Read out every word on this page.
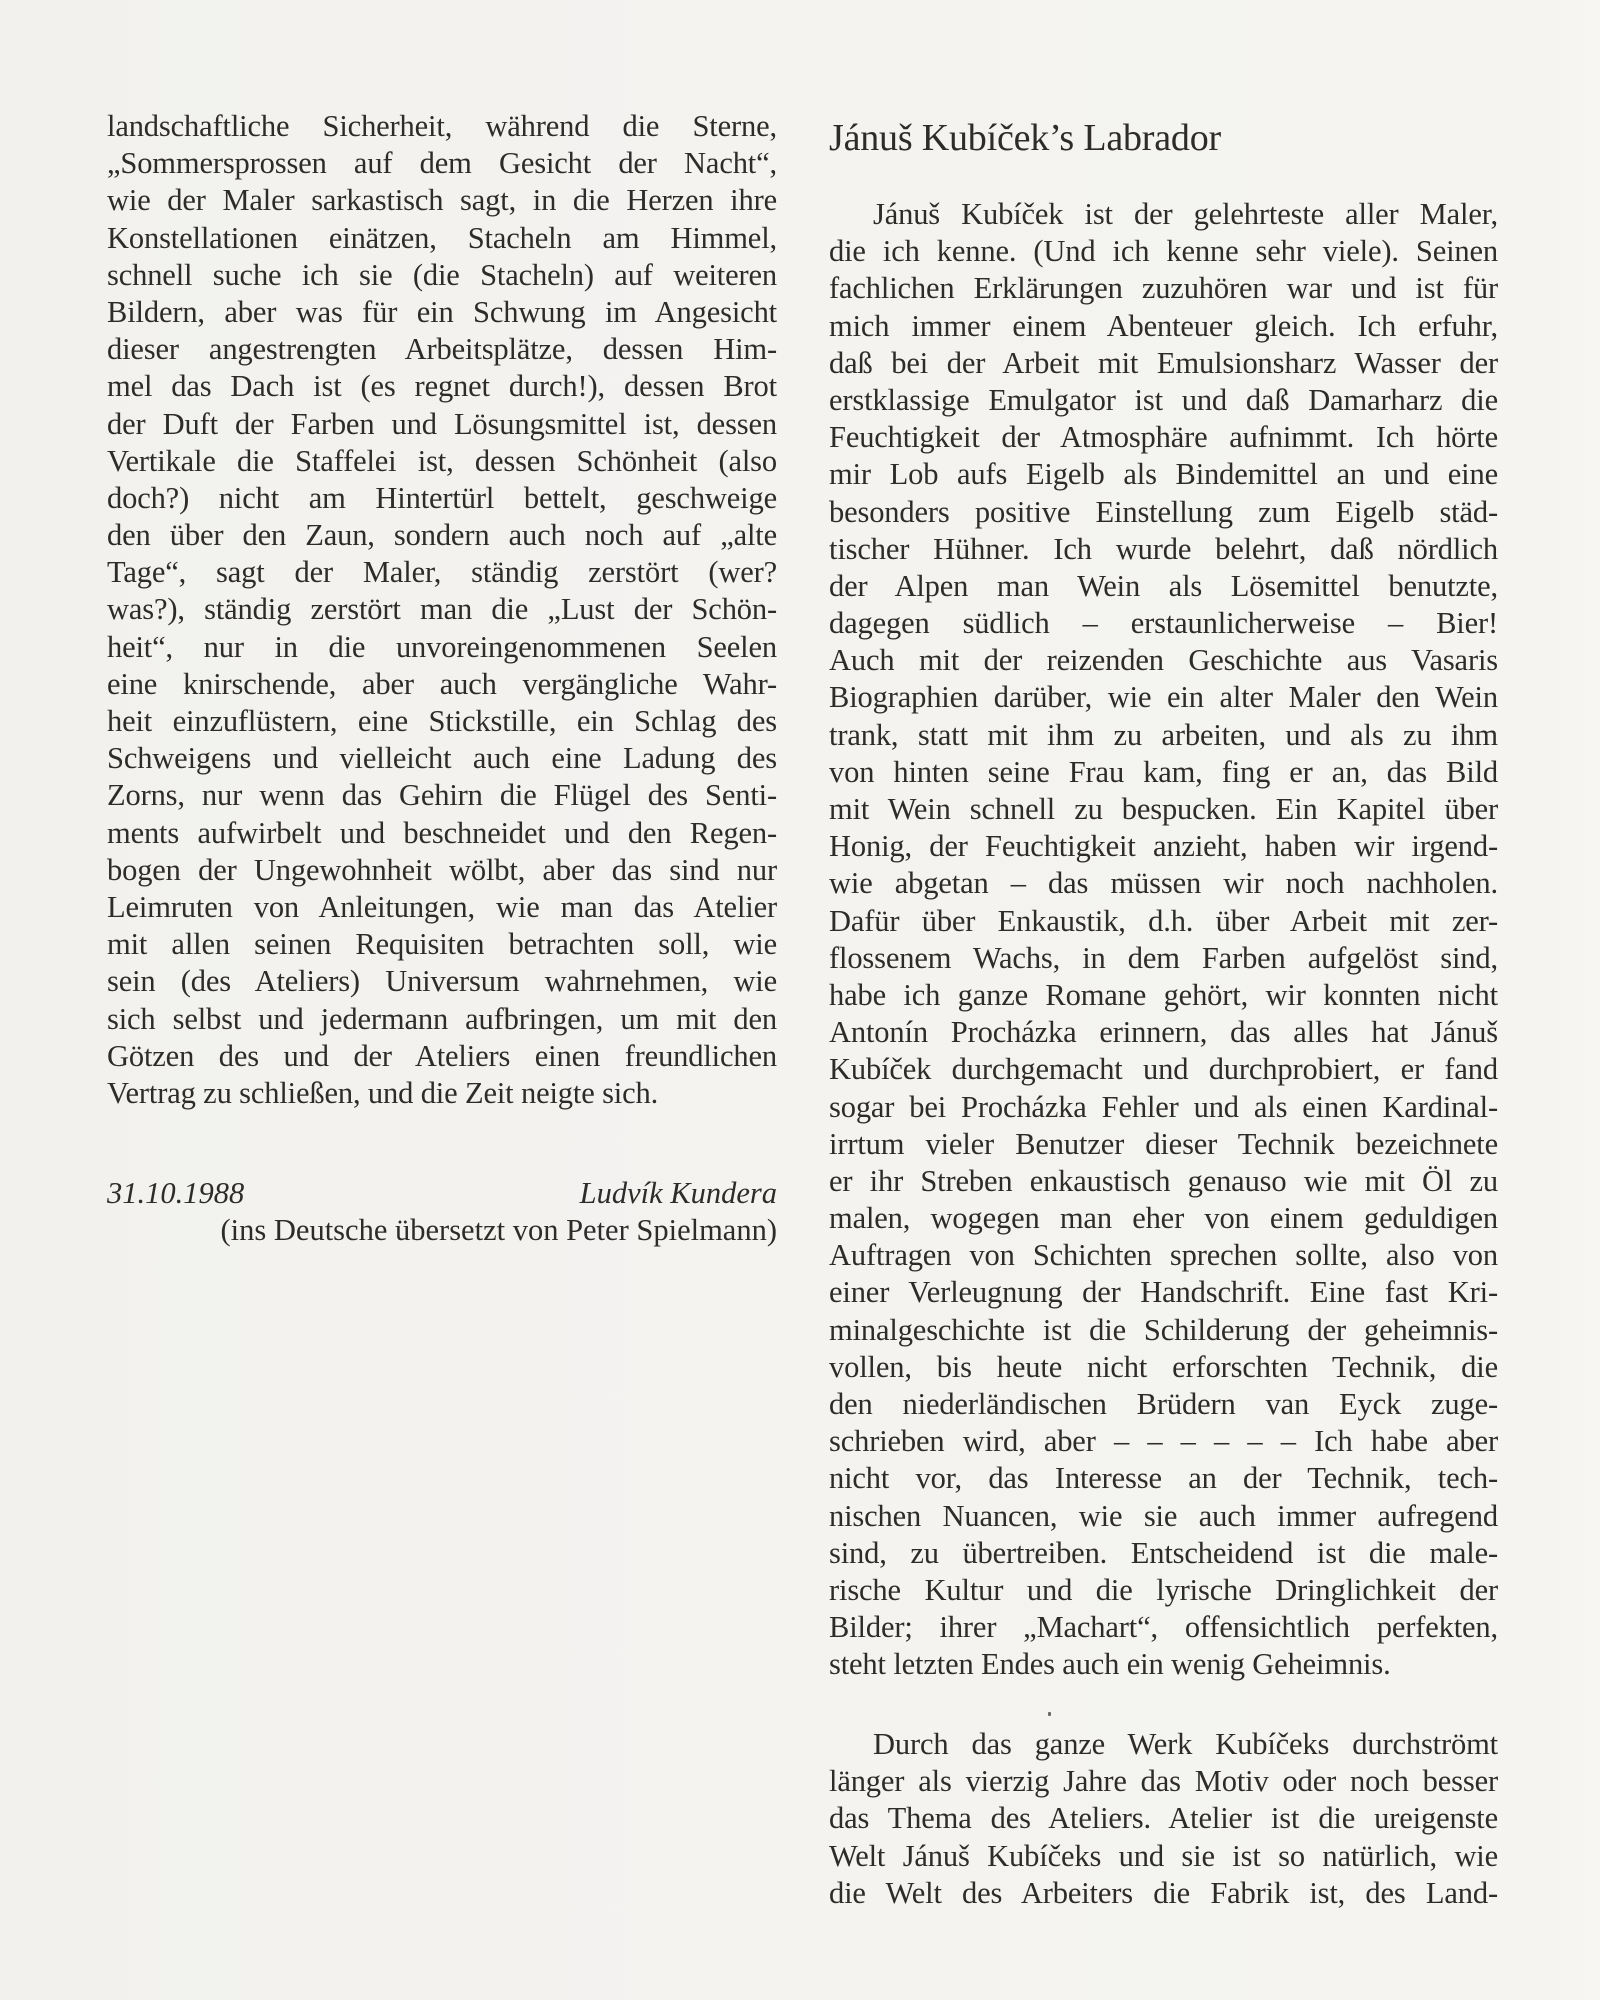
landschaftliche Sicherheit, während die Sterne,
„Sommersprossen auf dem Gesicht der Nacht“,
wie der Maler sarkastisch sagt, in die Herzen ihre
Konstellationen einätzen, Stacheln am Himmel,
schnell suche ich sie (die Stacheln) auf weiteren
Bildern, aber was für ein Schwung im Angesicht
dieser angestrengten Arbeitsplätze, dessen Him-
mel das Dach ist (es regnet durch!), dessen Brot
der Duft der Farben und Lösungsmittel ist, dessen
Vertikale die Staffelei ist, dessen Schönheit (also
doch?) nicht am Hintertürl bettelt, geschweige
den über den Zaun, sondern auch noch auf „alte
Tage“, sagt der Maler, ständig zerstört (wer?
was?), ständig zerstört man die „Lust der Schön-
heit“, nur in die unvoreingenommenen Seelen
eine knirschende, aber auch vergängliche Wahr-
heit einzuflüstern, eine Stickstille, ein Schlag des
Schweigens und vielleicht auch eine Ladung des
Zorns, nur wenn das Gehirn die Flügel des Senti-
ments aufwirbelt und beschneidet und den Regen-
bogen der Ungewohnheit wölbt, aber das sind nur
Leimruten von Anleitungen, wie man das Atelier
mit allen seinen Requisiten betrachten soll, wie
sein (des Ateliers) Universum wahrnehmen, wie
sich selbst und jedermann aufbringen, um mit den
Götzen des und der Ateliers einen freundlichen
Vertrag zu schließen, und die Zeit neigte sich.
31.10.1988	Ludvík Kundera
(ins Deutsche übersetzt von Peter Spielmann)
Jánuš Kubíček’s Labrador
Jánuš Kubíček ist der gelehrteste aller Maler,
die ich kenne. (Und ich kenne sehr viele). Seinen
fachlichen Erklärungen zuzuhören war und ist für
mich immer einem Abenteuer gleich. Ich erfuhr,
daß bei der Arbeit mit Emulsionsharz Wasser der
erstklassige Emulgator ist und daß Damarharz die
Feuchtigkeit der Atmosphäre aufnimmt. Ich hörte
mir Lob aufs Eigelb als Bindemittel an und eine
besonders positive Einstellung zum Eigelb städ-
tischer Hühner. Ich wurde belehrt, daß nördlich
der Alpen man Wein als Lösemittel benutzte,
dagegen südlich – erstaunlicherweise – Bier!
Auch mit der reizenden Geschichte aus Vasaris
Biographien darüber, wie ein alter Maler den Wein
trank, statt mit ihm zu arbeiten, und als zu ihm
von hinten seine Frau kam, fing er an, das Bild
mit Wein schnell zu bespucken. Ein Kapitel über
Honig, der Feuchtigkeit anzieht, haben wir irgend-
wie abgetan – das müssen wir noch nachholen.
Dafür über Enkaustik, d.h. über Arbeit mit zer-
flossenem Wachs, in dem Farben aufgelöst sind,
habe ich ganze Romane gehört, wir konnten nicht
Antonín Procházka erinnern, das alles hat Jánuš
Kubíček durchgemacht und durchprobiert, er fand
sogar bei Procházka Fehler und als einen Kardinal-
irrtum vieler Benutzer dieser Technik bezeichnete
er ihr Streben enkaustisch genauso wie mit Öl zu
malen, wogegen man eher von einem geduldigen
Auftragen von Schichten sprechen sollte, also von
einer Verleugnung der Handschrift. Eine fast Kri-
minalgeschichte ist die Schilderung der geheimnis-
vollen, bis heute nicht erforschten Technik, die
den niederländischen Brüdern van Eyck zuge-
schrieben wird, aber – – – – – – Ich habe aber
nicht vor, das Interesse an der Technik, tech-
nischen Nuancen, wie sie auch immer aufregend
sind, zu übertreiben. Entscheidend ist die male-
rische Kultur und die lyrische Dringlichkeit der
Bilder; ihrer „Machart“, offensichtlich perfekten,
steht letzten Endes auch ein wenig Geheimnis.
Durch das ganze Werk Kubíčeks durchströmt
länger als vierzig Jahre das Motiv oder noch besser
das Thema des Ateliers. Atelier ist die ureigenste
Welt Jánuš Kubíčeks und sie ist so natürlich, wie
die Welt des Arbeiters die Fabrik ist, des Land-
